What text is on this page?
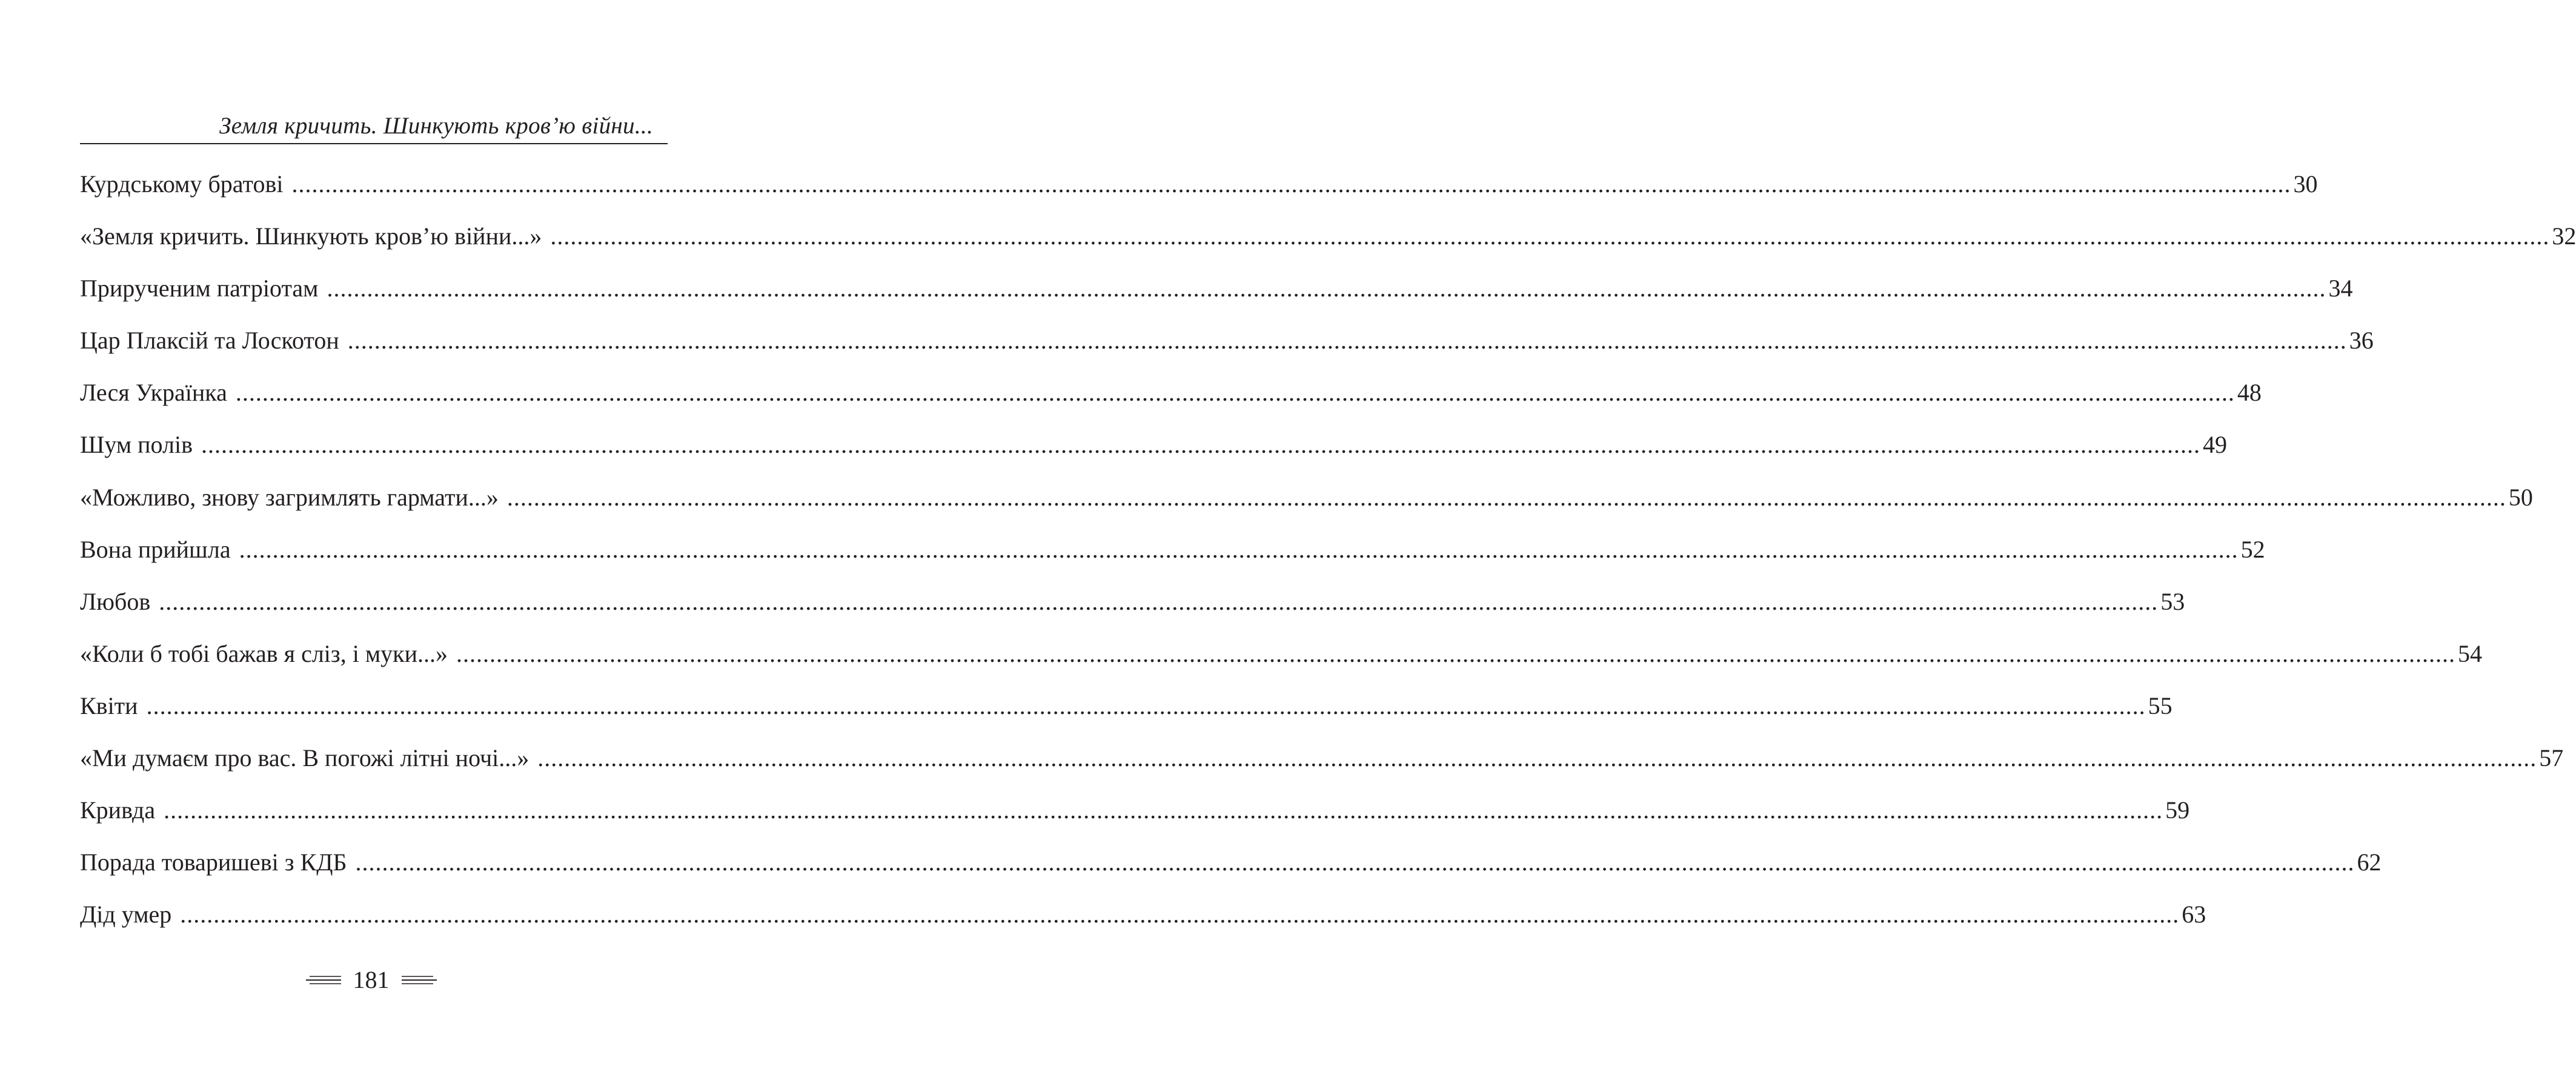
Земля кричить. Шинкують кров’ю війни...
Курдському братові ............................................................................................................................................................................................................................................................................................................ 30
«Земля кричить. Шинкують кров’ю війни...» ............................................................................................................................................................................................................................................................................................................ 32
Прирученим патріотам ............................................................................................................................................................................................................................................................................................................ 34
Цар Плаксій та Лоскотон ............................................................................................................................................................................................................................................................................................................ 36
Леся Українка ............................................................................................................................................................................................................................................................................................................ 48
Шум полів ............................................................................................................................................................................................................................................................................................................ 49
«Можливо, знову загримлять гармати...» ............................................................................................................................................................................................................................................................................................................ 50
Вона прийшла ............................................................................................................................................................................................................................................................................................................ 52
Любов ............................................................................................................................................................................................................................................................................................................ 53
«Коли б тобі бажав я сліз, і муки...» ............................................................................................................................................................................................................................................................................................................ 54
Квіти ............................................................................................................................................................................................................................................................................................................ 55
«Ми думаєм про вас. В погожі літні ночі...» ............................................................................................................................................................................................................................................................................................................ 57
Кривда ............................................................................................................................................................................................................................................................................................................ 59
Порада товаришеві з КДБ ............................................................................................................................................................................................................................................................................................................ 62
Дід умер ............................................................................................................................................................................................................................................................................................................ 63
181
